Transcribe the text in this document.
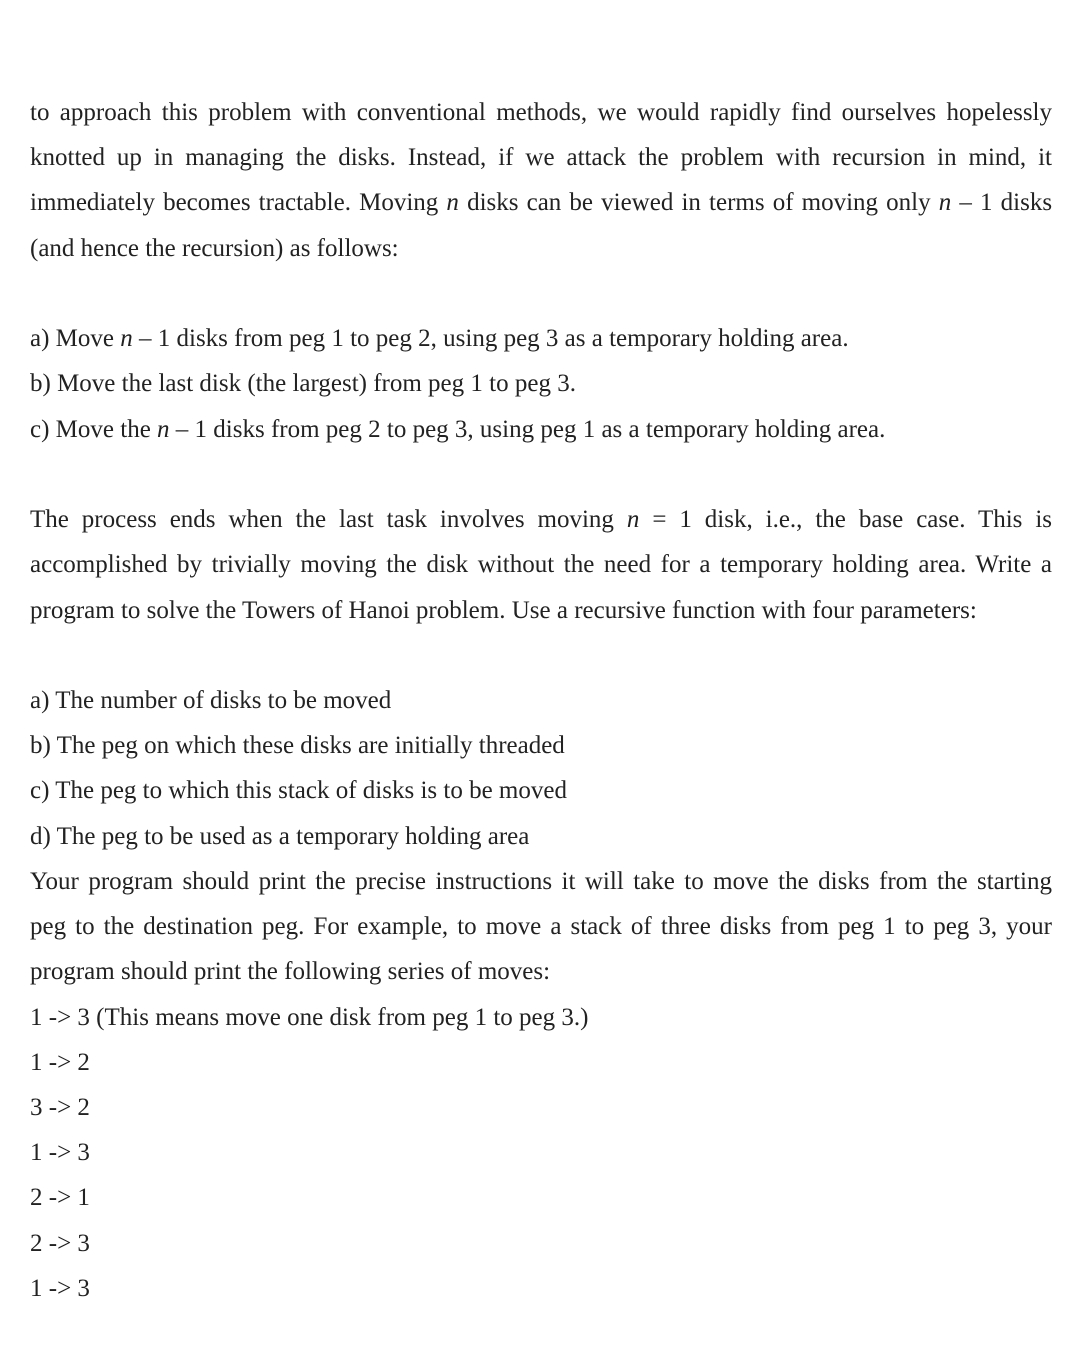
to approach this problem with conventional methods, we would rapidly find ourselves hopelessly
knotted up in managing the disks. Instead, if we attack the problem with recursion in mind, it
immediately becomes tractable. Moving n disks can be viewed in terms of moving only n – 1 disks
(and hence the recursion) as follows:
a) Move n – 1 disks from peg 1 to peg 2, using peg 3 as a temporary holding area.
b) Move the last disk (the largest) from peg 1 to peg 3.
c) Move the n – 1 disks from peg 2 to peg 3, using peg 1 as a temporary holding area.
The process ends when the last task involves moving n = 1 disk, i.e., the base case. This is
accomplished by trivially moving the disk without the need for a temporary holding area. Write a
program to solve the Towers of Hanoi problem. Use a recursive function with four parameters:
a) The number of disks to be moved
b) The peg on which these disks are initially threaded
c) The peg to which this stack of disks is to be moved
d) The peg to be used as a temporary holding area
Your program should print the precise instructions it will take to move the disks from the starting
peg to the destination peg. For example, to move a stack of three disks from peg 1 to peg 3, your
program should print the following series of moves:
1 -> 3 (This means move one disk from peg 1 to peg 3.)
1 -> 2
3 -> 2
1 -> 3
2 -> 1
2 -> 3
1 -> 3
